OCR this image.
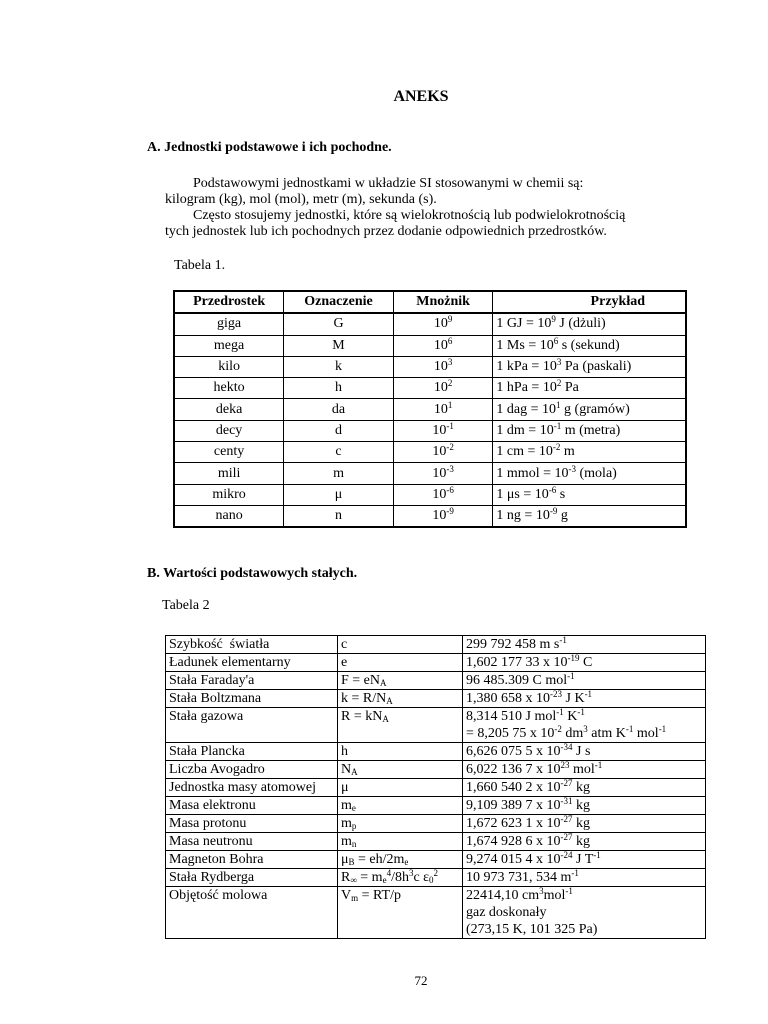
ANEKS
A. Jednostki podstawowe i ich pochodne.
Podstawowymi jednostkami w układzie SI stosowanymi w chemii są:
kilogram (kg), mol (mol), metr (m), sekunda (s).
Często stosujemy jednostki, które są wielokrotnością lub podwielokrotnością
tych jednostek lub ich pochodnych przez dodanie odpowiednich przedrostków.
Tabela 1.
Przedrostek	Oznaczenie	Mnożnik	Przykład
giga	G	$10^9$	1 GJ = $10^9$ J (dżuli)
mega	M	$10^6$	1 $Ms = 10^6$ s (sekund)
kilo	k	$10^3$	1 kPa = $10^3$ Pa (paskali)
hekto	h	$10^2$	1 hPa = $10^2$ Pa
deka	da	$10^1$	1 dag = $10^1$ g (gramów)
decy	d	$10^{-1}$	1 dm = $10^{-1}$ m (metra)
centy	c	$10^{-2}$	1 cm = $10^{-2}$ m
mili	m	$10^{-3}$	1 mmol = $10^{-3}$ (mola)
mikro	μ	$10^{-6}$	1 $\mu s = 10^{-6}$ s
nano	n	$10^{-9}$	1 ng = $10^{-9}$ g
B. Wartości podstawowych stałych.
Tabela 2
Szybkość  światła	c	299 792 458 m $s^{-1}$
Ładunek elementarny	e	1,602 177 33 x $10^{-19}$ C
Stała Faraday'a	$F = eN_A$	96 485.309 C mol$^{-1}$
Stała Boltzmana	$k = R/N_A$	1,380 658 x $10^{-23}$ J $K^{-1}$
Stała gazowa	$R = kN_A$	8,314 510 J mol$^{-1}$ $K^{-1}$
= 8,205 75 x $10^{-2}$ $dm^3$ atm $K^{-1}$ mol$^{-1}$
Stała Plancka	h	6,626 075 5 x $10^{-34}$ J s
Liczba Avogadro	$N_A$	6,022 136 7 x $10^{23}$ mol$^{-1}$
Jednostka masy atomowej	μ	1,660 540 2 x $10^{-27}$ kg
Masa elektronu	$m_e$	9,109 389 7 x $10^{-31}$ kg
Masa protonu	$m_p$	1,672 623 1 x $10^{-27}$ kg
Masa neutronu	$m_n$	1,674 928 6 x $10^{-27}$ kg
Magneton Bohra	$\mu_B = eh/2m_e$	9,274 015 4 x $10^{-24}$ J $T^{-1}$
Stała Rydberga	$R_\infty = m_e^4/8h^3c$ $\varepsilon_0^2$	10 973 731, 534 $m^{-1}$
Objętość molowa	$V_m = RT/p$	22414,10 $cm^3mol^{-1}$
gaz doskonały
(273,15 K, 101 325 Pa)
72
